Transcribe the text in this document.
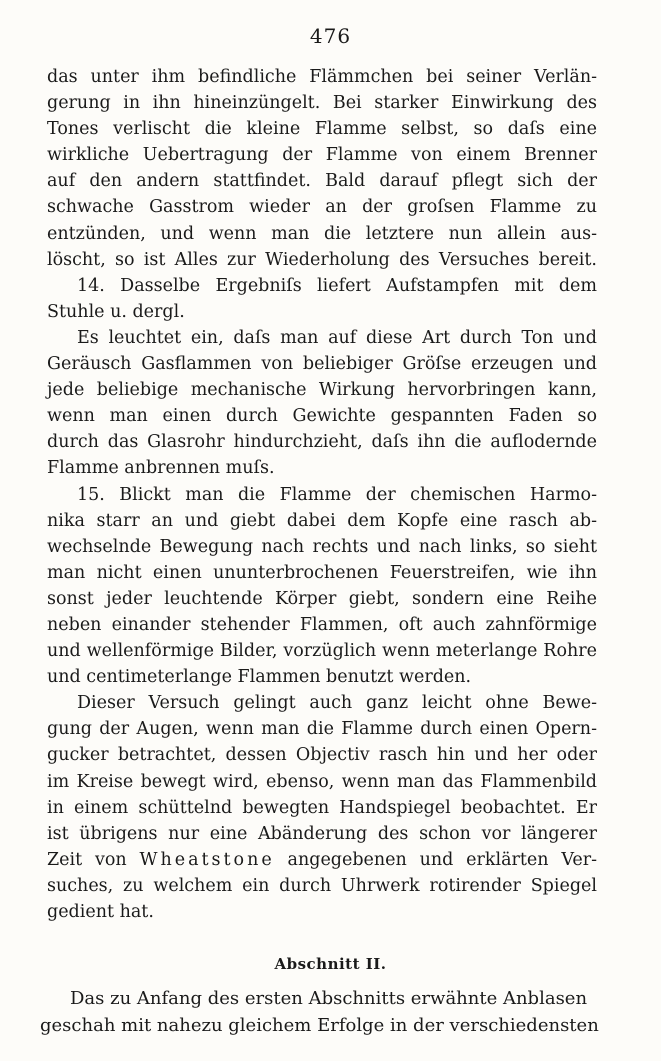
476
das unter ihm befindliche Flämmchen bei seiner Verlän-
gerung in ihn hineinzüngelt. Bei starker Einwirkung des
Tones verlischt die kleine Flamme selbst, so daſs eine
wirkliche Uebertragung der Flamme von einem Brenner
auf den andern stattfindet. Bald darauf pflegt sich der
schwache Gasstrom wieder an der groſsen Flamme zu
entzünden, und wenn man die letztere nun allein aus-
löscht, so ist Alles zur Wiederholung des Versuches bereit.
14. Dasselbe Ergebniſs liefert Aufstampfen mit dem
Stuhle u. dergl.
Es leuchtet ein, daſs man auf diese Art durch Ton und
Geräusch Gasflammen von beliebiger Gröſse erzeugen und
jede beliebige mechanische Wirkung hervorbringen kann,
wenn man einen durch Gewichte gespannten Faden so
durch das Glasrohr hindurchzieht, daſs ihn die auflodernde
Flamme anbrennen muſs.
15. Blickt man die Flamme der chemischen Harmo-
nika starr an und giebt dabei dem Kopfe eine rasch ab-
wechselnde Bewegung nach rechts und nach links, so sieht
man nicht einen ununterbrochenen Feuerstreifen, wie ihn
sonst jeder leuchtende Körper giebt, sondern eine Reihe
neben einander stehender Flammen, oft auch zahnförmige
und wellenförmige Bilder, vorzüglich wenn meterlange Rohre
und centimeterlange Flammen benutzt werden.
Dieser Versuch gelingt auch ganz leicht ohne Bewe-
gung der Augen, wenn man die Flamme durch einen Opern-
gucker betrachtet, dessen Objectiv rasch hin und her oder
im Kreise bewegt wird, ebenso, wenn man das Flammenbild
in einem schüttelnd bewegten Handspiegel beobachtet. Er
ist übrigens nur eine Abänderung des schon vor längerer
Zeit von Wheatstone angegebenen und erklärten Ver-
suches, zu welchem ein durch Uhrwerk rotirender Spiegel
gedient hat.
Abschnitt II.
Das zu Anfang des ersten Abschnitts erwähnte Anblasen
geschah mit nahezu gleichem Erfolge in der verschiedensten
